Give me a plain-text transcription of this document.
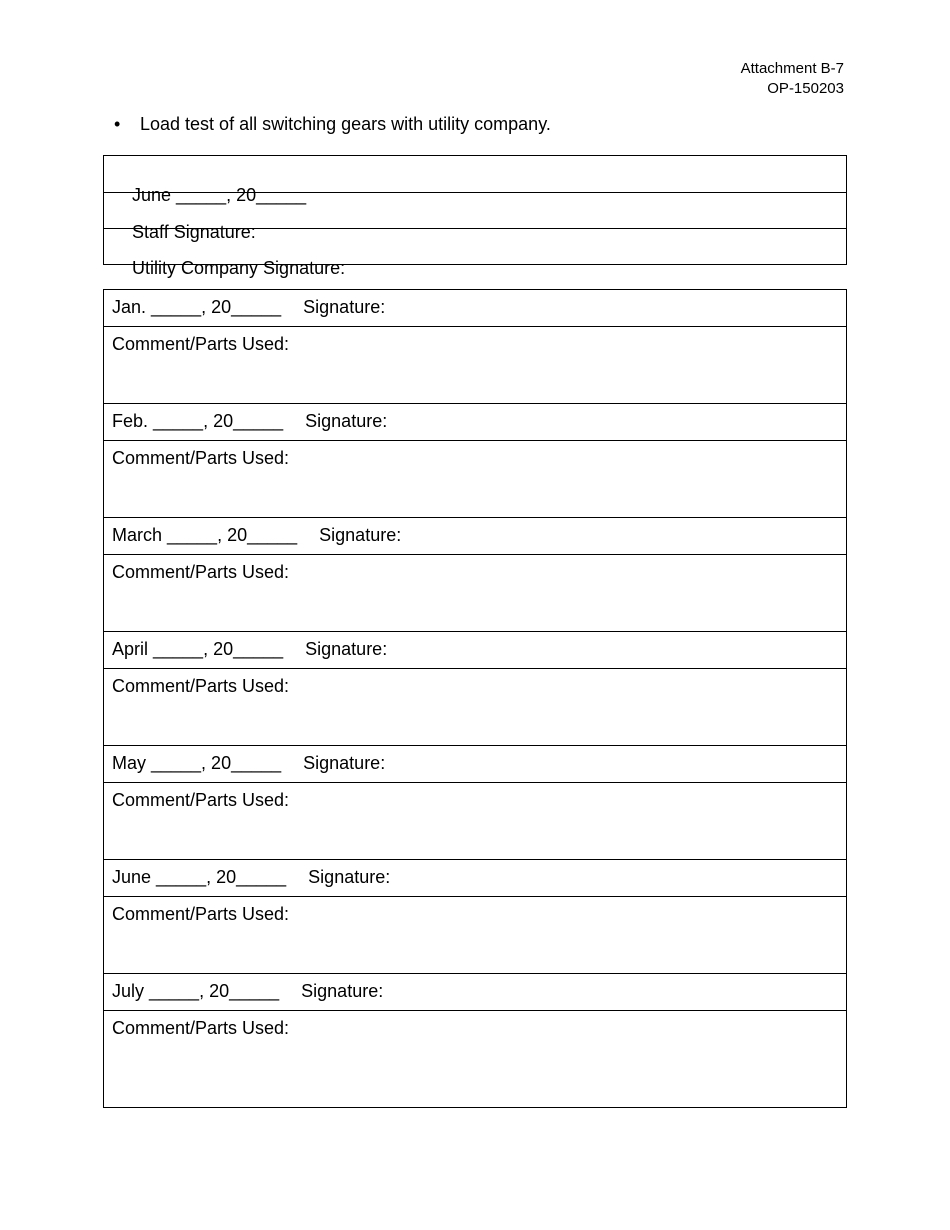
Attachment B-7
OP-150203
•	Load test of all switching gears with utility company.

June _____, 20_____

Staff Signature:

Utility Company Signature:

Jan. _____, 20_____ Signature:
Comment/Parts Used:
Feb. _____, 20_____ Signature:
Comment/Parts Used:
March _____, 20_____ Signature:
Comment/Parts Used:
April _____, 20_____ Signature:
Comment/Parts Used:
May _____, 20_____ Signature:
Comment/Parts Used:
June _____, 20_____ Signature:
Comment/Parts Used:
July _____, 20_____ Signature:
Comment/Parts Used:
